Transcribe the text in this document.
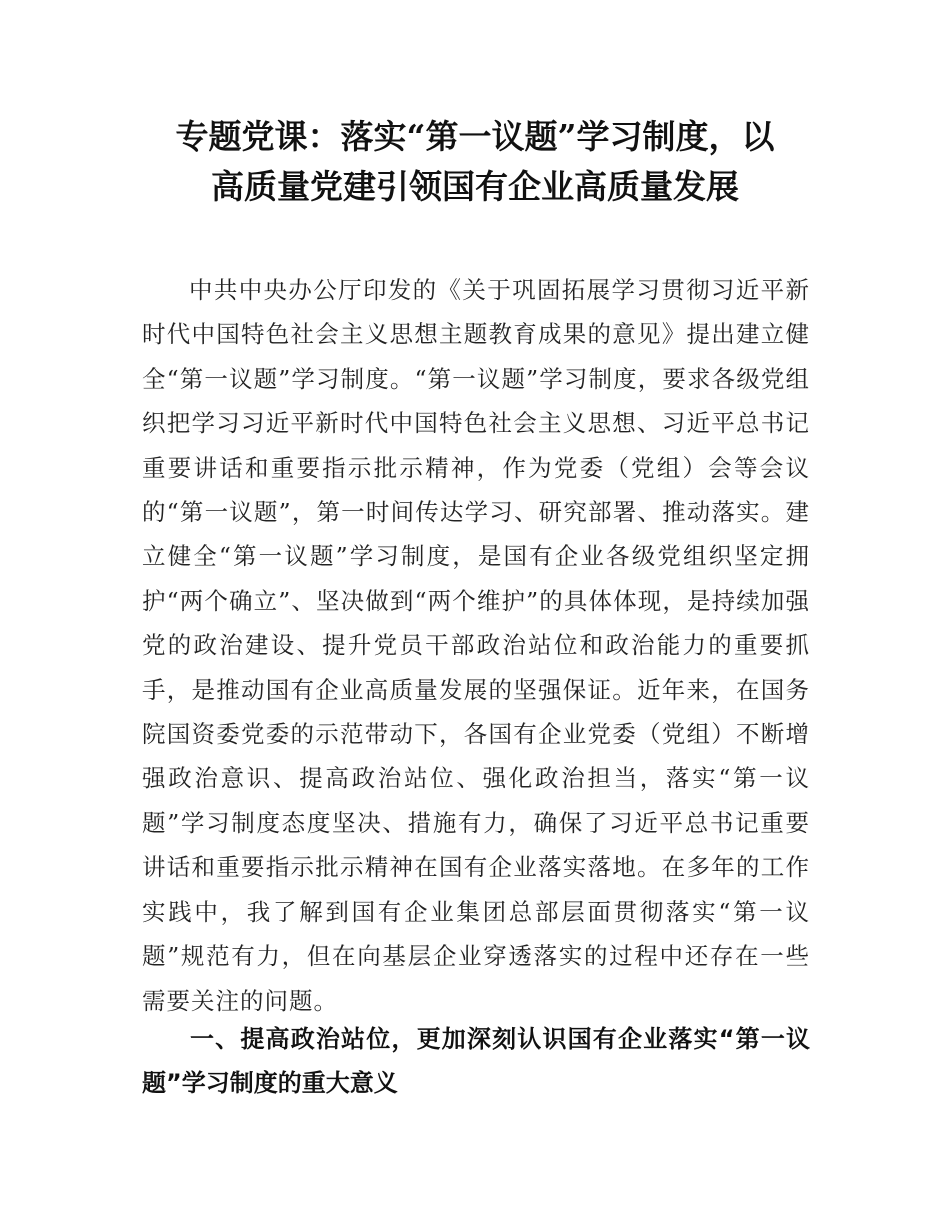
专题党课：落实“第一议题”学习制度，以
高质量党建引领国有企业高质量发展

中共中央办公厅印发的《关于巩固拓展学习贯彻习近平新时代中国特色社会主义思想主题教育成果的意见》提出建立健全“第一议题”学习制度。“第一议题”学习制度，要求各级党组织把学习习近平新时代中国特色社会主义思想、习近平总书记重要讲话和重要指示批示精神，作为党委（党组）会等会议的“第一议题”，第一时间传达学习、研究部署、推动落实。建立健全“第一议题”学习制度，是国有企业各级党组织坚定拥护“两个确立”、坚决做到“两个维护”的具体体现，是持续加强党的政治建设、提升党员干部政治站位和政治能力的重要抓手，是推动国有企业高质量发展的坚强保证。近年来，在国务院国资委党委的示范带动下，各国有企业党委（党组）不断增强政治意识、提高政治站位、强化政治担当，落实“第一议题”学习制度态度坚决、措施有力，确保了习近平总书记重要讲话和重要指示批示精神在国有企业落实落地。在多年的工作实践中，我了解到国有企业集团总部层面贯彻落实“第一议题”规范有力，但在向基层企业穿透落实的过程中还存在一些需要关注的问题。

一、提高政治站位，更加深刻认识国有企业落实“第一议题”学习制度的重大意义
